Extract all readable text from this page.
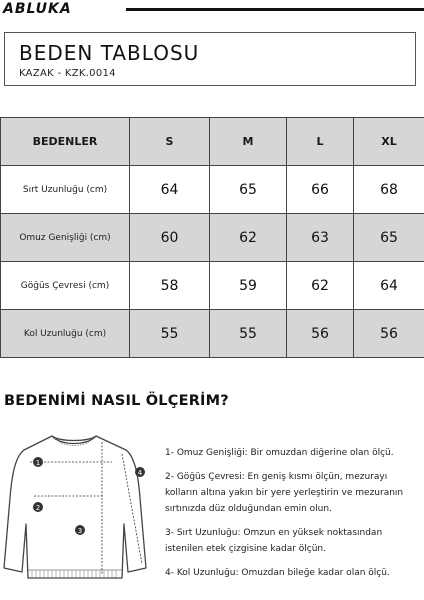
ABLUKA
BEDEN TABLOSU
KAZAK - KZK.0014
BEDENLER	S	M	L	XL
Sırt Uzunluğu (cm)	64	65	66	68
Omuz Genişliği (cm)	60	62	63	65
Göğüs Çevresi (cm)	58	59	62	64
Kol Uzunluğu (cm)	55	55	56	56
BEDENİMİ NASIL ÖLÇERİM?
1
2
3
4
1- Omuz Genişliği: Bir omuzdan diğerine olan ölçü.
2- Göğüs Çevresi: En geniş kısmı ölçün, mezurayı kolların altına yakın bir yere yerleştirin ve mezuranın sırtınızda düz olduğundan emin olun.
3- Sırt Uzunluğu: Omzun en yüksek noktasından istenilen etek çizgisine kadar ölçün.
4- Kol Uzunluğu: Omuzdan bileğe kadar olan ölçü.
